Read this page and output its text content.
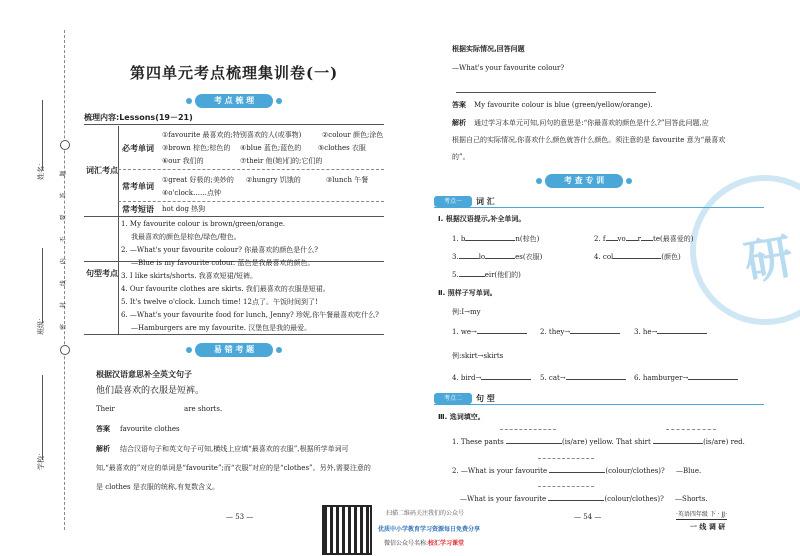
姓名：
班级：
学校：
密 封 线 内 不 要 答 题
第四单元考点梳理集训卷(一)
考 点 梳 理
梳理内容:Lessons(19－21)
词汇考点
必考单词
①favourite 最喜欢的;特别喜欢的人(或事物)	②colour 颜色;涂色
③brown 棕色;棕色的 ④blue 蓝色;蓝色的 ⑤clothes 衣服
⑥our 我们的	⑦their 他(她)们的;它们的
常考单词
①great 好极的;美妙的 ②hungry 饥饿的	③lunch 午餐
④o'clock……点钟
常考短语 hot dog 热狗
句型考点
1. My favourite colour is brown/green/orange.
我最喜欢的颜色是棕色/绿色/橙色。
2. —What's your favourite colour? 你最喜欢的颜色是什么?
—Blue is my favourite colour. 蓝色是我最喜欢的颜色。
3. I like skirts/shorts. 我喜欢短裙/短裤。
4. Our favourite clothes are skirts. 我们最喜欢的衣服是短裙。
5. It's twelve o'clock. Lunch time! 12点了。午饭时间到了!
6. —What's your favourite food for lunch, Jenny? 珍妮,你午餐最喜欢吃什么?
—Hamburgers are my favourite. 汉堡包是我的最爱。
易 错 考 题
根据汉语意思补全英文句子
他们最喜欢的衣服是短裤。
Their	are shorts.
答案 favourite clothes
解析 结合汉语句子和英文句子可知,横线上应填“最喜欢的衣服”,根据所学单词可
知,“最喜欢的”对应的单词是“favourite”;而“衣服”对应的是“clothes”。另外,需要注意的
是 clothes 是衣服的统称,有复数含义。
— 53 —
根据实际情况,回答问题
—What's your favourite colour?
答案 My favourite colour is blue (green/yellow/orange).
解析 通过学习本单元可知,问句的意思是:“你最喜欢的颜色是什么?”回答此问题,应
根据自己的实际情况,你喜欢什么颜色就答什么颜色。须注意的是 favourite 意为“最喜欢
的”。
研
考 查 专 训
考点一	词 汇
Ⅰ. 根据汉语提示,补全单词。
1. b	n(棕色)	2. f vo r te(最喜爱的)
3.	lo	es(衣服)	4. col	(颜色)
5.	eir(他们的)
Ⅱ. 照样子写单词。
例:I→my
1. we→	2. they→	3. he→
例:skirt→skirts
4. bird→	5. cat→	6. hamburger→
考点二	句 型
Ⅲ. 选词填空。
1. These pants	(is/are) yellow. That shirt	(is/are) red.
2. —What is your favourite	(colour/clothes)? —Blue.
—What is your favourite	(colour/clothes)? —Shorts.
— 54 —
扫描二维码关注我们的公众号
优质中小学教育学习资源每日免费分享
微信公众号名称:校汇学习课堂
·英语四年级 下 · JJ·
一 线 调 研
